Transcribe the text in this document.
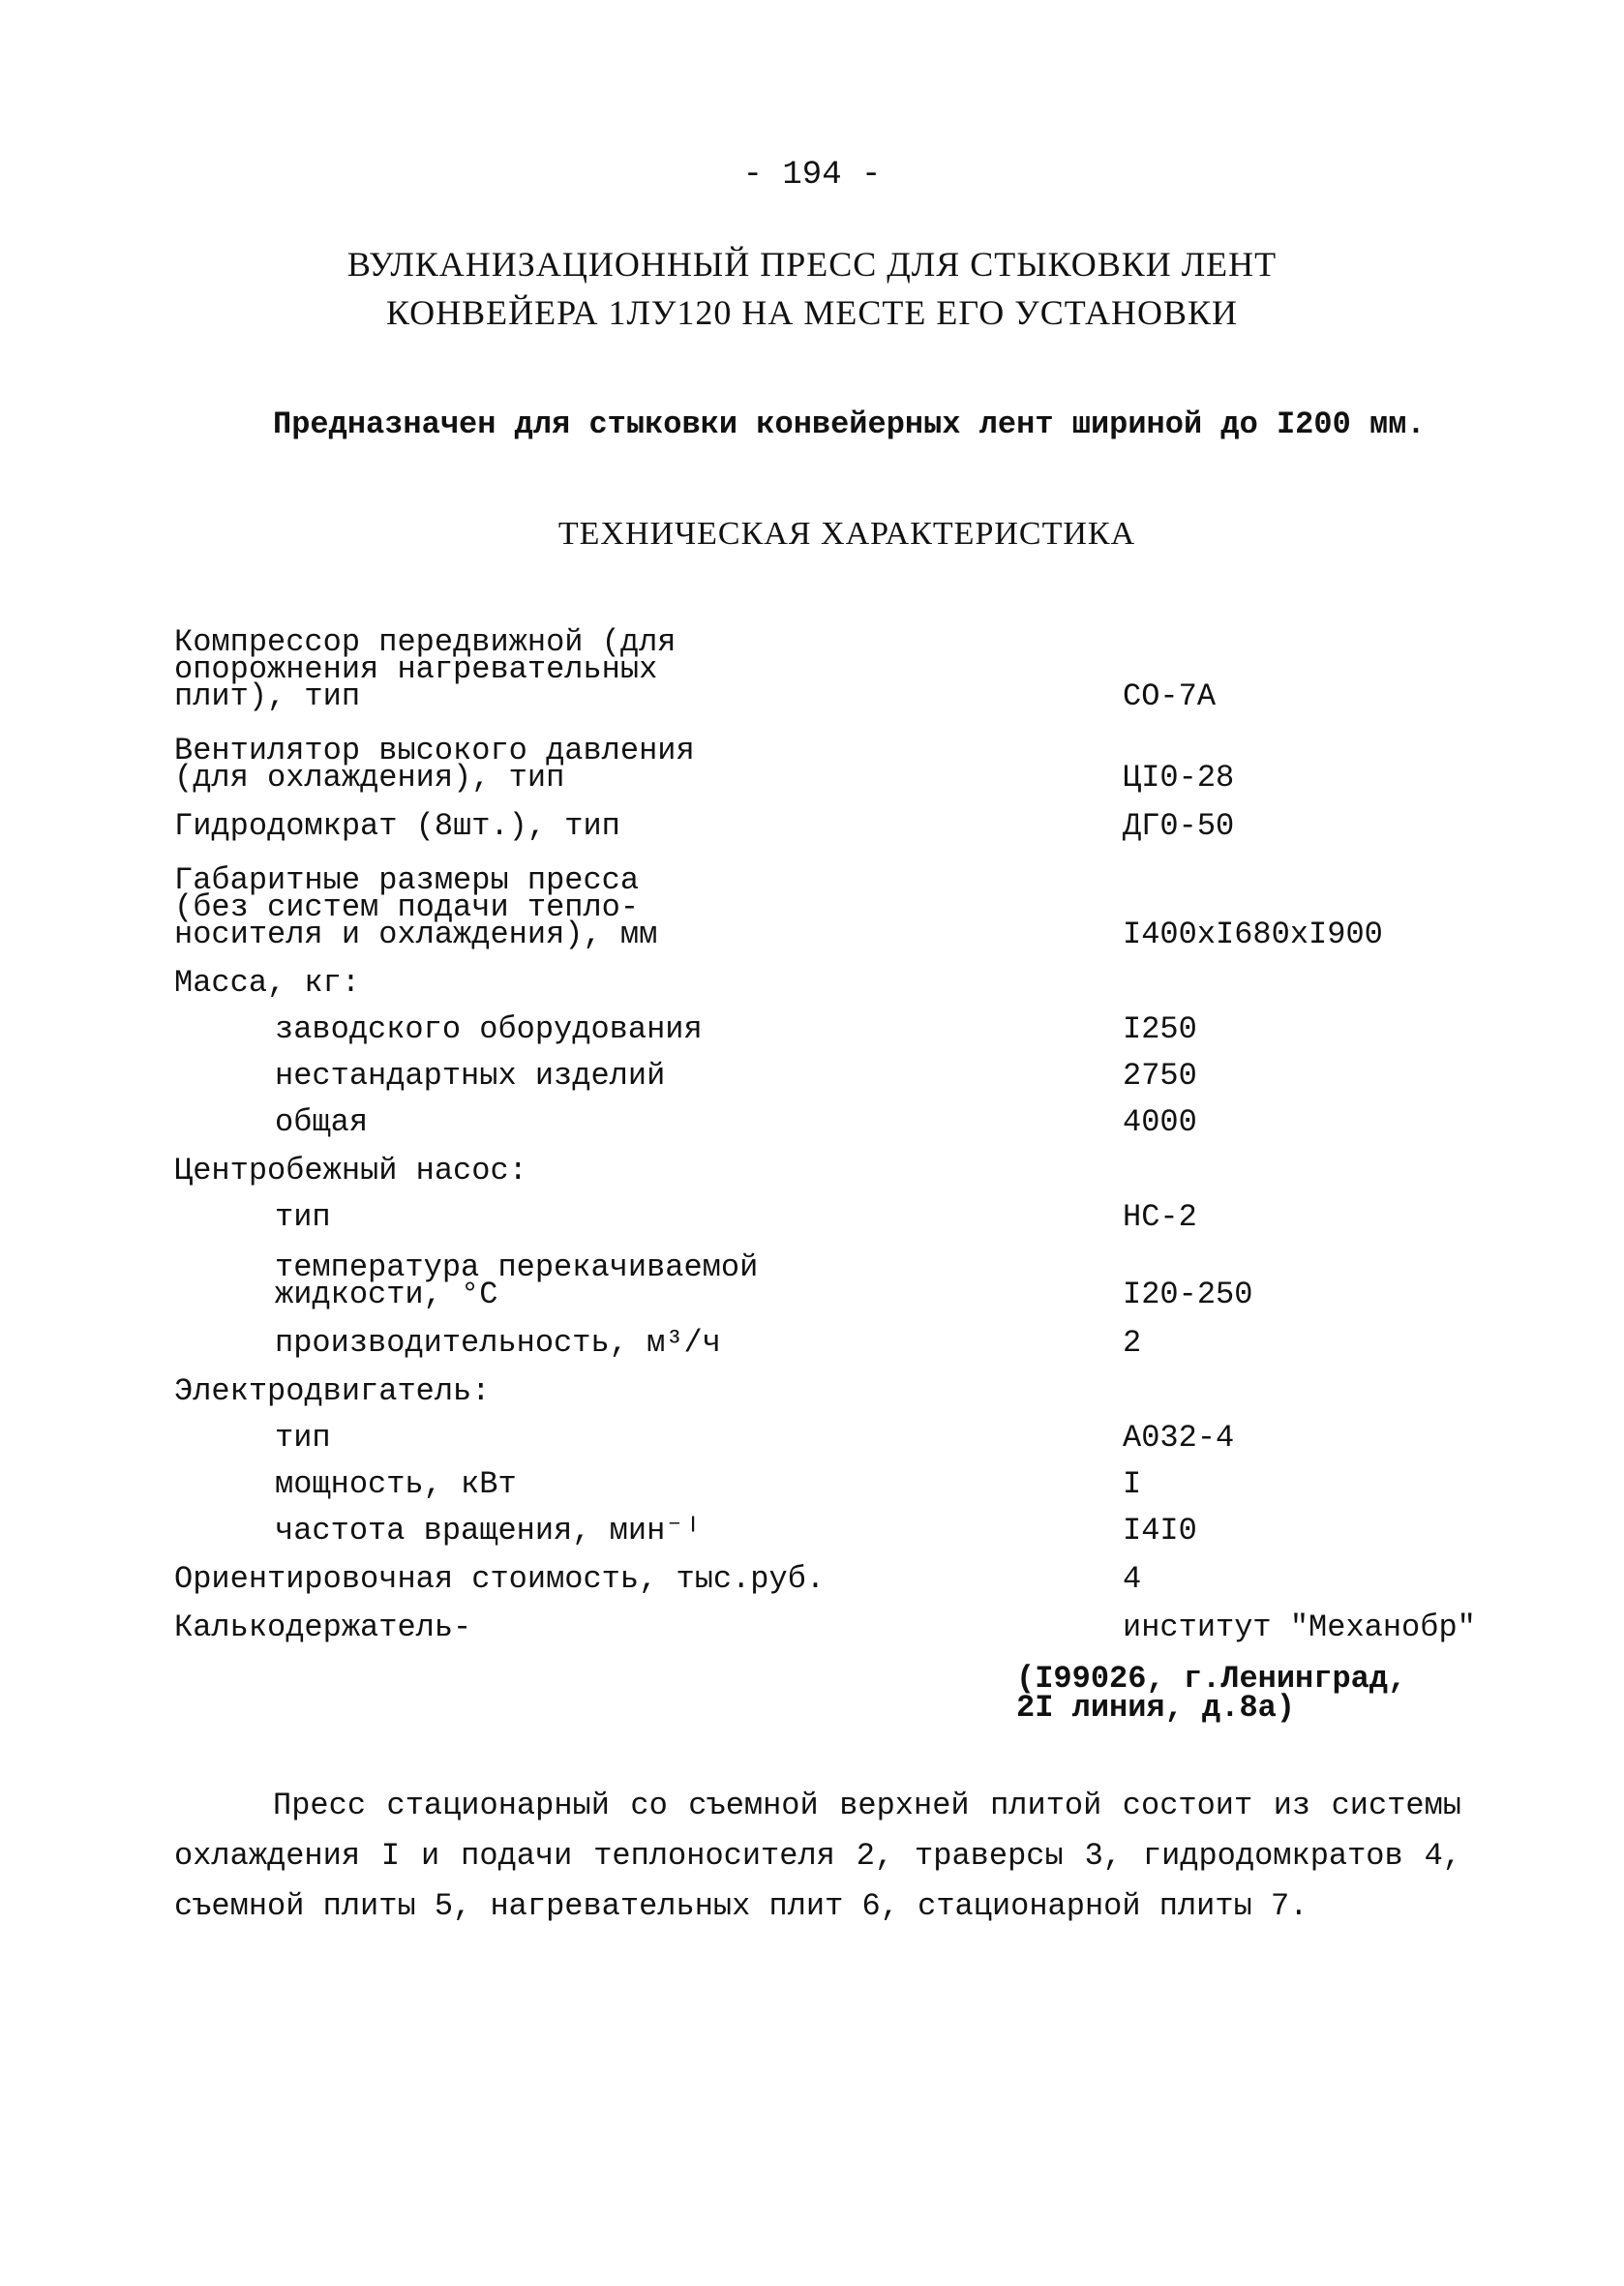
- 194 -
ВУЛКАНИЗАЦИОННЫЙ ПРЕСС ДЛЯ СТЫКОВКИ ЛЕНТ
КОНВЕЙЕРА 1ЛУ120 НА МЕСТЕ ЕГО УСТАНОВКИ
Предназначен для стыковки конвейерных лент шириной до I200 мм.
ТЕХНИЧЕСКАЯ ХАРАКТЕРИСТИКА
Компрессор передвижной (для
опорожнения нагревательных
плит), тип	СО-7А
Вентилятор высокого давления
(для охлаждения), тип	ЦI0-28
Гидродомкрат (8шт.), тип	ДГ0-50
Габаритные размеры пресса
(без систем подачи тепло-
носителя и охлаждения), мм	I400хI680хI900
Масса, кг:
заводского оборудования	I250
нестандартных изделий	2750
общая	4000
Центробежный насос:
тип	НС-2
температура перекачиваемой
жидкости, °С	I20-250
производительность, м³/ч	2
Электродвигатель:
тип	А032-4
мощность, кВт	I
частота вращения, мин⁻ᴵ	I4I0
Ориентировочная стоимость, тыс.руб.	4
Калькодержатель-	институт "Механобр"
(I99026, г.Ленинград,
2I линия, д.8а)
Пресс стационарный со съемной верхней плитой состоит из системы охлаждения I и подачи теплоносителя 2, траверсы 3, гидродомкратов 4, съемной плиты 5, нагревательных плит 6, стационарной плиты 7.
